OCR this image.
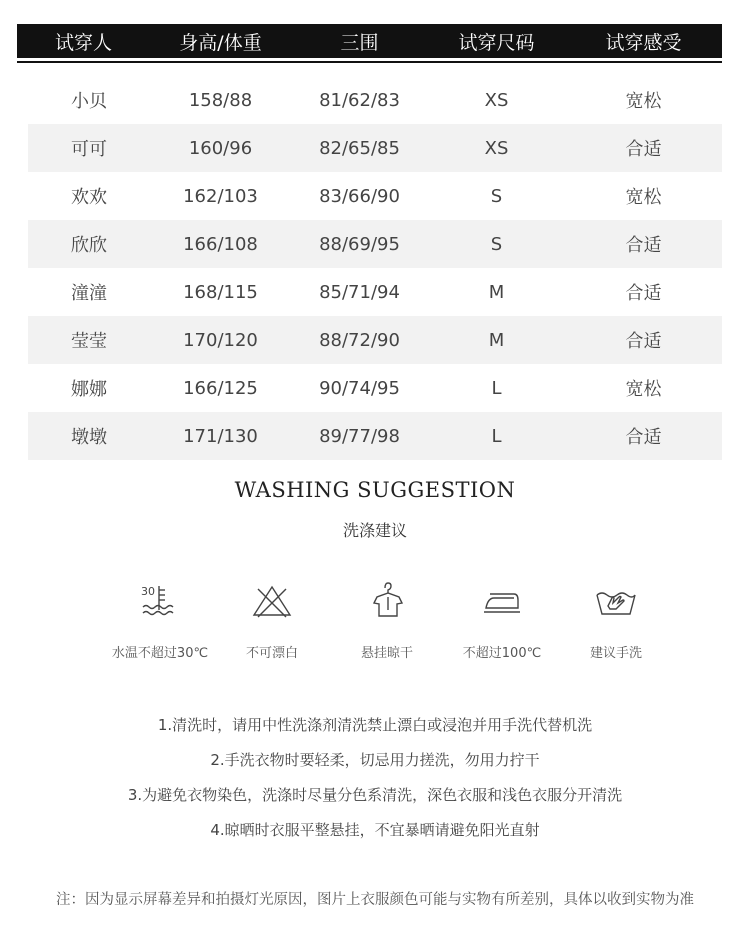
试穿人	身高/体重	三围	试穿尺码	试穿感受
小贝	158/88	81/62/83	XS	宽松
可可	160/96	82/65/85	XS	合适
欢欢	162/103	83/66/90	S	宽松
欣欣	166/108	88/69/95	S	合适
潼潼	168/115	85/71/94	M	合适
莹莹	170/120	88/72/90	M	合适
娜娜	166/125	90/74/95	L	宽松
墩墩	171/130	89/77/98	L	合适
WASHING SUGGESTION
洗涤建议
30
水温不超过30℃	不可漂白	悬挂晾干	不超过100℃	建议手洗

1.清洗时，请用中性洗涤剂清洗禁止漂白或浸泡并用手洗代替机洗

2.手洗衣物时要轻柔，切忌用力搓洗，勿用力拧干

3.为避免衣物染色，洗涤时尽量分色系清洗，深色衣服和浅色衣服分开清洗

4.晾晒时衣服平整悬挂，不宜暴晒请避免阳光直射

注：因为显示屏幕差异和拍摄灯光原因，图片上衣服颜色可能与实物有所差别，具体以收到实物为准
